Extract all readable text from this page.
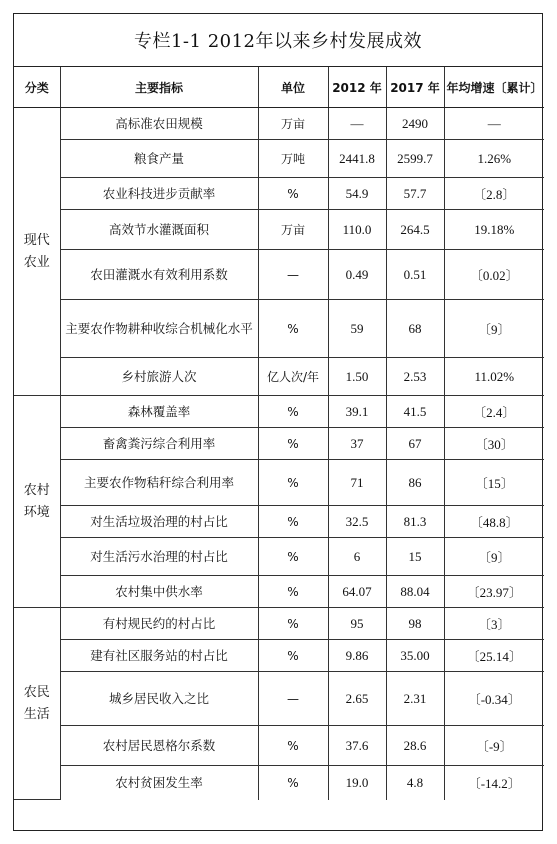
专栏1-1 2012年以来乡村发展成效
分类	主要指标	单位	2012 年	2017 年	年均增速〔累计〕

现代
农业	高标准农田规模	万亩	—	2490	—
	粮食产量	万吨	2441.8	2599.7	1.26%
	农业科技进步贡献率	%	54.9	57.7	〔2.8〕
	高效节水灌溉面积	万亩	110.0	264.5	19.18%
	农田灌溉水有效利用系数	—	0.49	0.51	〔0.02〕
	主要农作物耕种收综合机械化水平	%	59	68	〔9〕
	乡村旅游人次	亿人次/年	1.50	2.53	11.02%

农村
环境	森林覆盖率	%	39.1	41.5	〔2.4〕
	畜禽粪污综合利用率	%	37	67	〔30〕
	主要农作物秸秆综合利用率	%	71	86	〔15〕
	对生活垃圾治理的村占比	%	32.5	81.3	〔48.8〕
	对生活污水治理的村占比	%	6	15	〔9〕
	农村集中供水率	%	64.07	88.04	〔23.97〕

农民
生活	有村规民约的村占比	%	95	98	〔3〕
	建有社区服务站的村占比	%	9.86	35.00	〔25.14〕
	城乡居民收入之比	—	2.65	2.31	〔-0.34〕
	农村居民恩格尔系数	%	37.6	28.6	〔-9〕
	农村贫困发生率	%	19.0	4.8	〔-14.2〕
